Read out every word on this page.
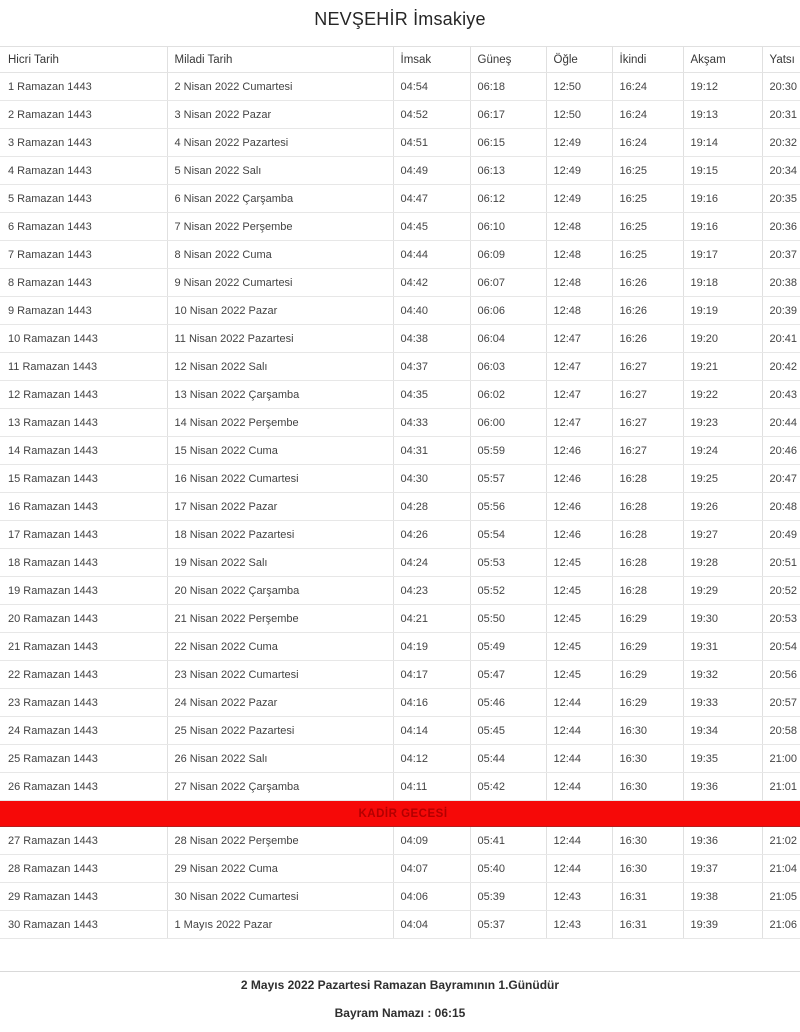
NEVŞEHİR İmsakiye
Hicri Tarih	Miladi Tarih	İmsak	Güneş	Öğle	İkindi	Akşam	Yatsı
1 Ramazan 1443	2 Nisan 2022 Cumartesi	04:54	06:18	12:50	16:24	19:12	20:30
2 Ramazan 1443	3 Nisan 2022 Pazar	04:52	06:17	12:50	16:24	19:13	20:31
3 Ramazan 1443	4 Nisan 2022 Pazartesi	04:51	06:15	12:49	16:24	19:14	20:32
4 Ramazan 1443	5 Nisan 2022 Salı	04:49	06:13	12:49	16:25	19:15	20:34
5 Ramazan 1443	6 Nisan 2022 Çarşamba	04:47	06:12	12:49	16:25	19:16	20:35
6 Ramazan 1443	7 Nisan 2022 Perşembe	04:45	06:10	12:48	16:25	19:16	20:36
7 Ramazan 1443	8 Nisan 2022 Cuma	04:44	06:09	12:48	16:25	19:17	20:37
8 Ramazan 1443	9 Nisan 2022 Cumartesi	04:42	06:07	12:48	16:26	19:18	20:38
9 Ramazan 1443	10 Nisan 2022 Pazar	04:40	06:06	12:48	16:26	19:19	20:39
10 Ramazan 1443	11 Nisan 2022 Pazartesi	04:38	06:04	12:47	16:26	19:20	20:41
11 Ramazan 1443	12 Nisan 2022 Salı	04:37	06:03	12:47	16:27	19:21	20:42
12 Ramazan 1443	13 Nisan 2022 Çarşamba	04:35	06:02	12:47	16:27	19:22	20:43
13 Ramazan 1443	14 Nisan 2022 Perşembe	04:33	06:00	12:47	16:27	19:23	20:44
14 Ramazan 1443	15 Nisan 2022 Cuma	04:31	05:59	12:46	16:27	19:24	20:46
15 Ramazan 1443	16 Nisan 2022 Cumartesi	04:30	05:57	12:46	16:28	19:25	20:47
16 Ramazan 1443	17 Nisan 2022 Pazar	04:28	05:56	12:46	16:28	19:26	20:48
17 Ramazan 1443	18 Nisan 2022 Pazartesi	04:26	05:54	12:46	16:28	19:27	20:49
18 Ramazan 1443	19 Nisan 2022 Salı	04:24	05:53	12:45	16:28	19:28	20:51
19 Ramazan 1443	20 Nisan 2022 Çarşamba	04:23	05:52	12:45	16:28	19:29	20:52
20 Ramazan 1443	21 Nisan 2022 Perşembe	04:21	05:50	12:45	16:29	19:30	20:53
21 Ramazan 1443	22 Nisan 2022 Cuma	04:19	05:49	12:45	16:29	19:31	20:54
22 Ramazan 1443	23 Nisan 2022 Cumartesi	04:17	05:47	12:45	16:29	19:32	20:56
23 Ramazan 1443	24 Nisan 2022 Pazar	04:16	05:46	12:44	16:29	19:33	20:57
24 Ramazan 1443	25 Nisan 2022 Pazartesi	04:14	05:45	12:44	16:30	19:34	20:58
25 Ramazan 1443	26 Nisan 2022 Salı	04:12	05:44	12:44	16:30	19:35	21:00
26 Ramazan 1443	27 Nisan 2022 Çarşamba	04:11	05:42	12:44	16:30	19:36	21:01
KADİR GECESİ							
27 Ramazan 1443	28 Nisan 2022 Perşembe	04:09	05:41	12:44	16:30	19:36	21:02
28 Ramazan 1443	29 Nisan 2022 Cuma	04:07	05:40	12:44	16:30	19:37	21:04
29 Ramazan 1443	30 Nisan 2022 Cumartesi	04:06	05:39	12:43	16:31	19:38	21:05
30 Ramazan 1443	1 Mayıs 2022 Pazar	04:04	05:37	12:43	16:31	19:39	21:06
2 Mayıs 2022 Pazartesi Ramazan Bayramının 1.Günüdür
Bayram Namazı : 06:15
